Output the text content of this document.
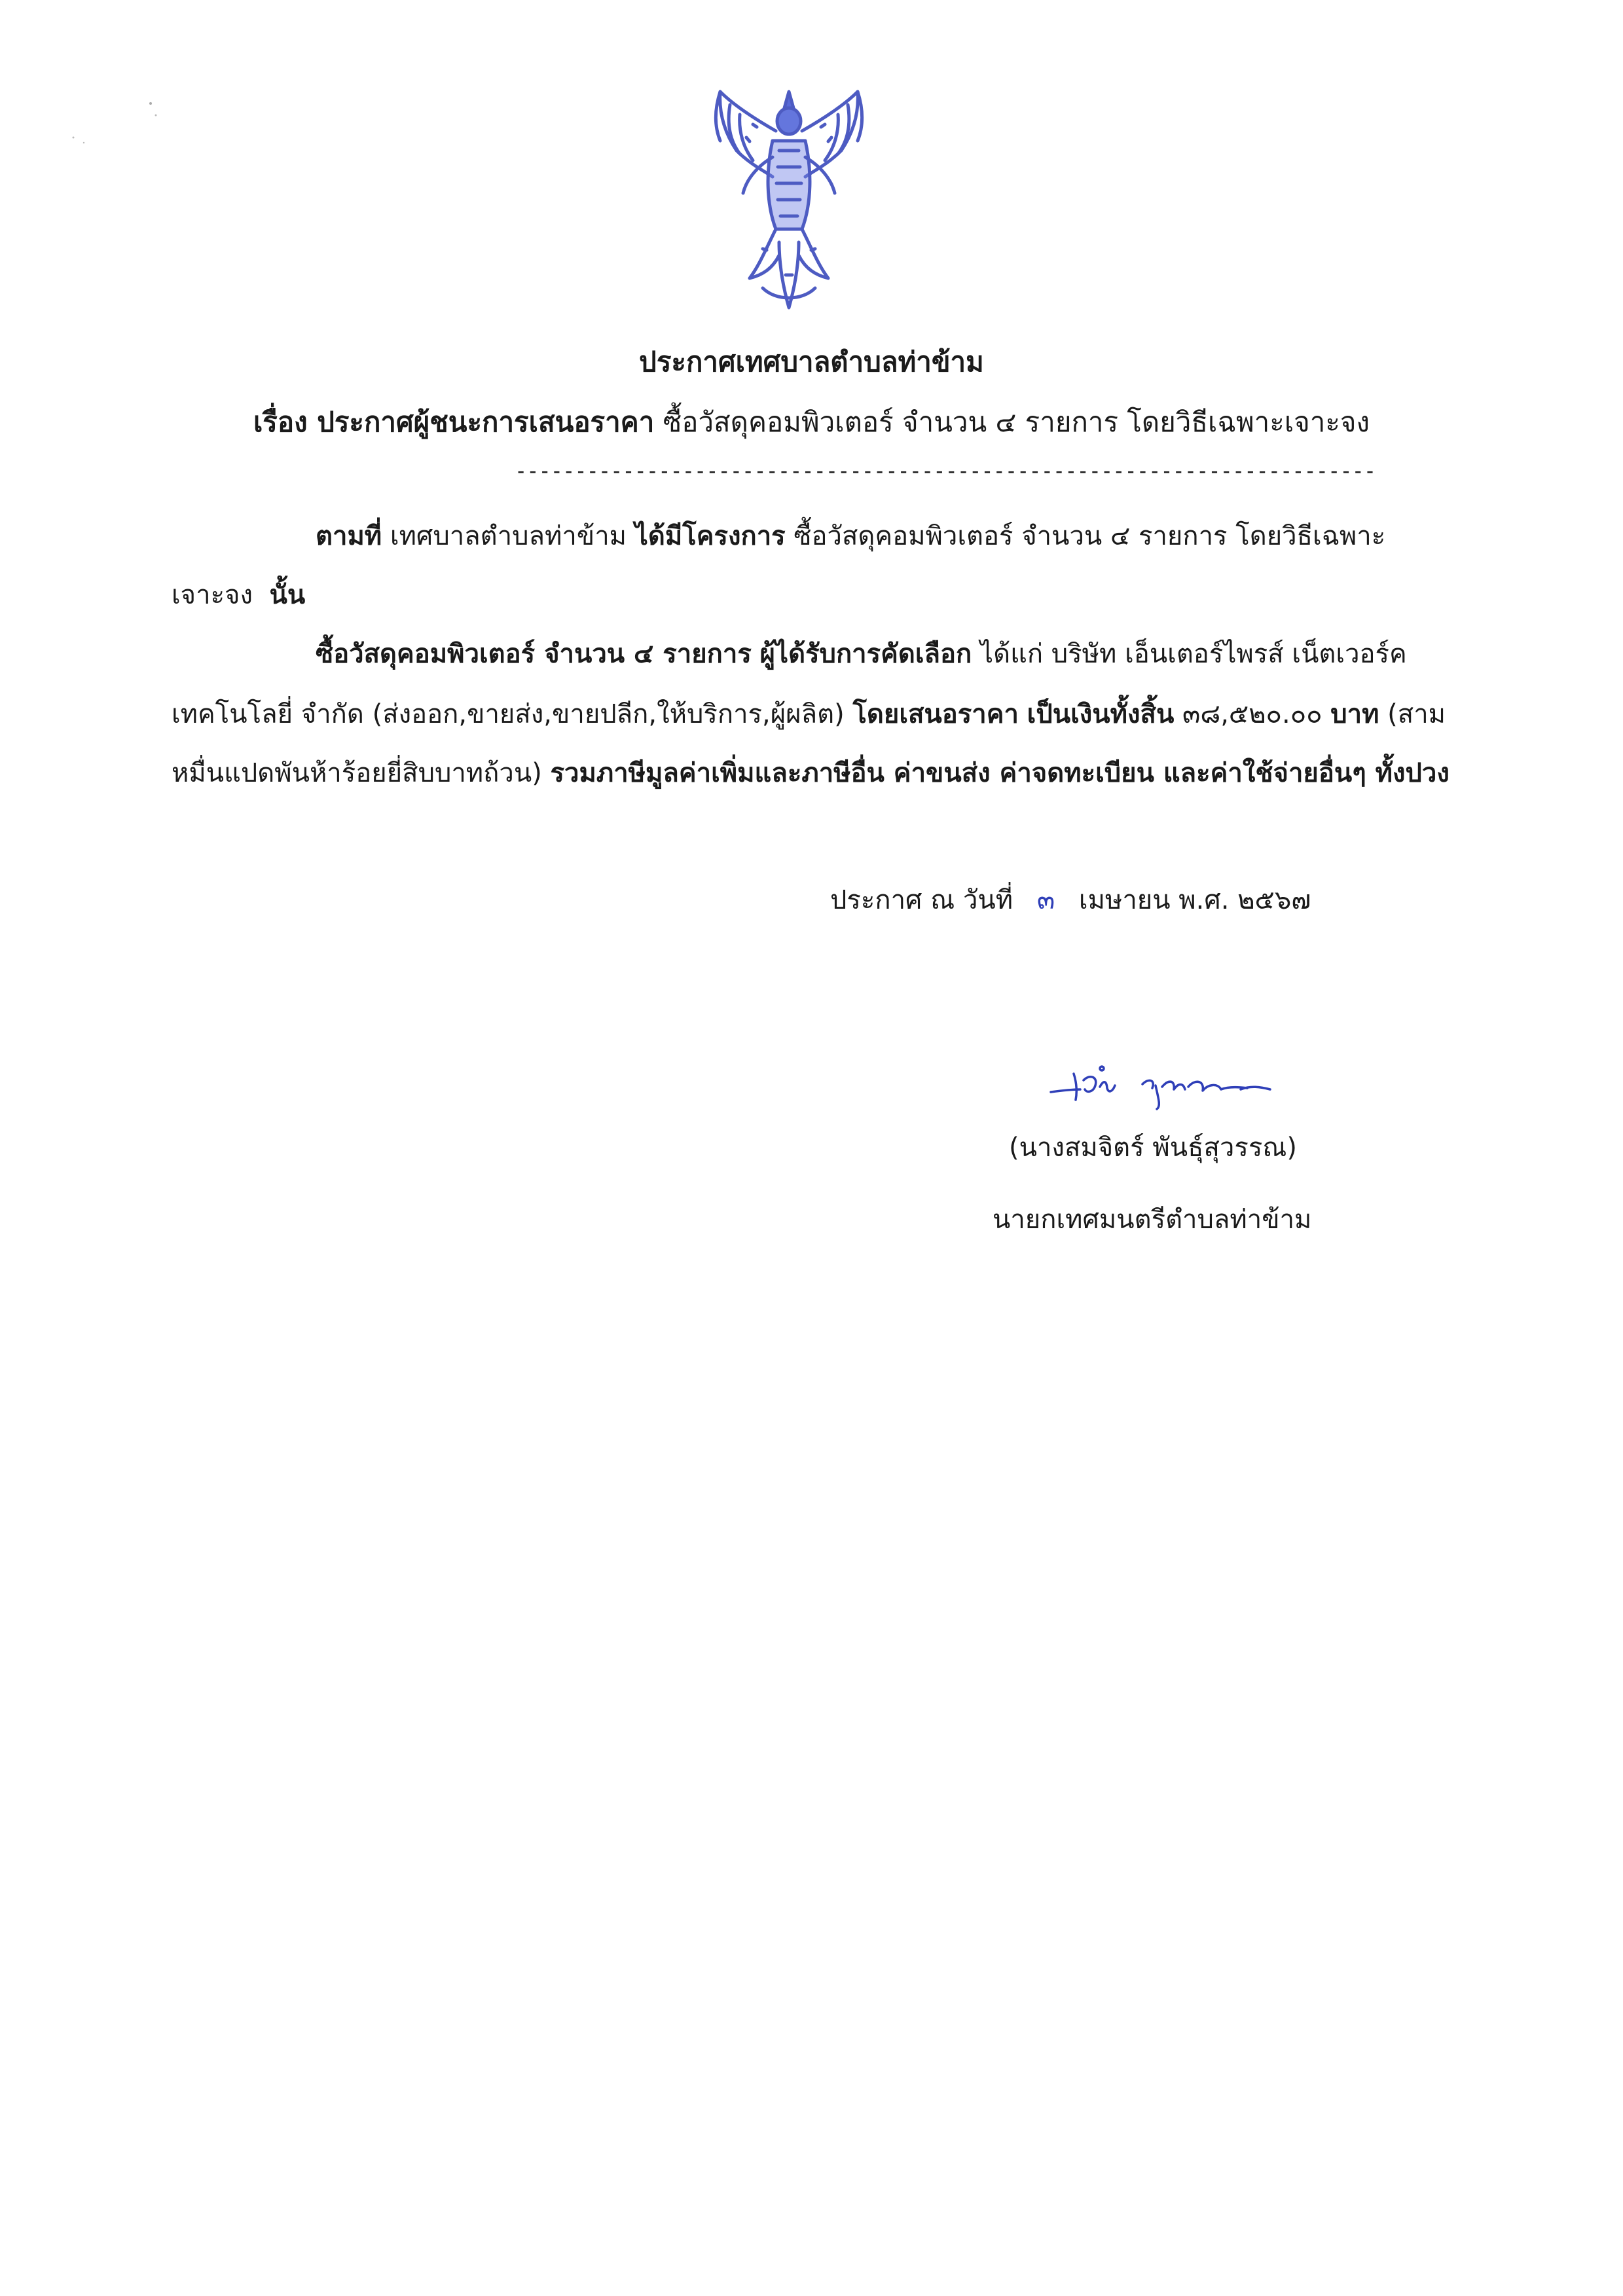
ประกาศเทศบาลตำบลท่าข้าม
เรื่อง ประกาศผู้ชนะการเสนอราคา ซื้อวัสดุคอมพิวเตอร์ จำนวน ๔ รายการ โดยวิธีเฉพาะเจาะจง
------------------------------------------------------------------------
ตามที่ เทศบาลตำบลท่าข้าม ได้มีโครงการ ซื้อวัสดุคอมพิวเตอร์ จำนวน ๔ รายการ โดยวิธีเฉพาะ
เจาะจง นั้น
ซื้อวัสดุคอมพิวเตอร์ จำนวน ๔ รายการ ผู้ได้รับการคัดเลือก ได้แก่ บริษัท เอ็นเตอร์ไพรส์ เน็ตเวอร์ค
เทคโนโลยี่ จำกัด (ส่งออก,ขายส่ง,ขายปลีก,ให้บริการ,ผู้ผลิต) โดยเสนอราคา เป็นเงินทั้งสิ้น ๓๘,๕๒๐.๐๐ บาท (สาม
หมื่นแปดพันห้าร้อยยี่สิบบาทถ้วน) รวมภาษีมูลค่าเพิ่มและภาษีอื่น ค่าขนส่ง ค่าจดทะเบียน และค่าใช้จ่ายอื่นๆ ทั้งปวง
ประกาศ ณ วันที่ ๓ เมษายน พ.ศ. ๒๕๖๗
(นางสมจิตร์ พันธุ์สุวรรณ)
นายกเทศมนตรีตำบลท่าข้าม
